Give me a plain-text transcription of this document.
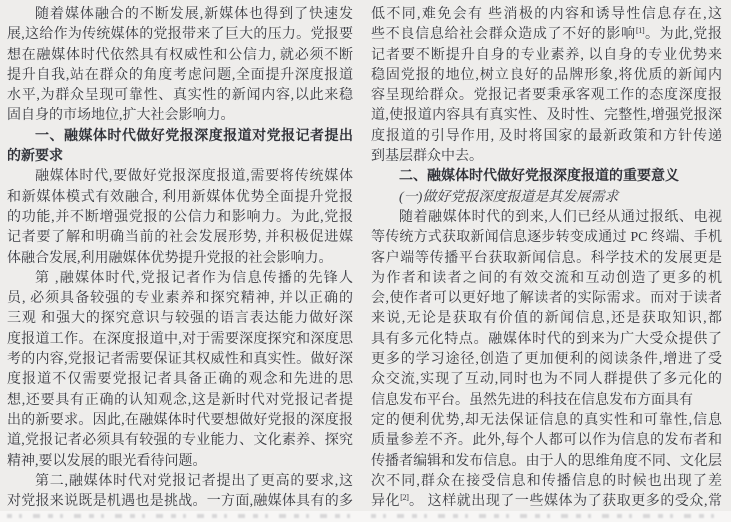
随着媒体融合的不断发展,新媒体也得到了快速发
展,这给作为传统媒体的党报带来了巨大的压力。党报要
想在融媒体时代依然具有权威性和公信力, 就必须不断
提升自我,站在群众的角度考虑问题,全面提升深度报道
水平,为群众呈现可靠性、真实性的新闻内容,以此来稳
固自身的市场地位,扩大社会影响力。
一、融媒体时代做好党报深度报道对党报记者提出
的新要求
融媒体时代,要做好党报深度报道,需要将传统媒体
和新媒体模式有效融合, 利用新媒体优势全面提升党报
的功能,并不断增强党报的公信力和影响力。为此,党报
记者要了解和明确当前的社会发展形势, 并积极促进媒
体融合发展,利用融媒体优势提升党报的社会影响力。
第 ,融媒体时代,党报记者作为信息传播的先锋人
员, 必须具备较强的专业素养和探究精神, 并以正确的
三观 和强大的探究意识与较强的语言表达能力做好深
度报道工作。在深度报道中,对于需要深度探究和深度思
考的内容,党报记者需要保证其权威性和真实性。做好深
度报道不仅需要党报记者具备正确的观念和先进的思
想,还要具有正确的认知观念,这是新时代对党报记者提
出的新要求。因此,在融媒体时代要想做好党报的深度报
道,党报记者必须具有较强的专业能力、文化素养、探究
精神,要以发展的眼光看待问题。
第二,融媒体时代对党报记者提出了更高的要求,这
对党报来说既是机遇也是挑战。一方面,融媒体具有的多
低不同,难免会有 些消极的内容和诱导性信息存在,这
些不良信息给社会群众造成了不好的影响[1]。为此,党报
记者要不断提升自身的专业素养, 以自身的专业优势来
稳固党报的地位,树立良好的品牌形象,将优质的新闻内
容呈现给群众。党报记者要秉承客观工作的态度深度报
道,使报道内容具有真实性、及时性、完整性,增强党报深
度报道的引导作用, 及时将国家的最新政策和方针传递
到基层群众中去。
二、融媒体时代做好党报深度报道的重要意义
(一)做好党报深度报道是其发展需求
随着融媒体时代的到来,人们已经从通过报纸、电视
等传统方式获取新闻信息逐步转变成通过 PC 终端、手机
客户端等传播平台获取新闻信息。科学技术的发展更是
为作者和读者之间的有效交流和互动创造了更多的机
会,使作者可以更好地了解读者的实际需求。而对于读者
来说,无论是获取有价值的新闻信息,还是获取知识,都
具有多元化特点。融媒体时代的到来为广大受众提供了
更多的学习途径,创造了更加便利的阅读条件,增进了受
众交流,实现了互动,同时也为不同人群提供了多元化的
信息发布平台。虽然先进的科技在信息发布方面具有
定的便利优势,却无法保证信息的真实性和可靠性,信息
质量参差不齐。此外,每个人都可以作为信息的发布者和
传播者编辑和发布信息。由于人的思维角度不同、文化层
次不同,群众在接受信息和传播信息的时候也出现了差
异化[2]。 这样就出现了一些媒体为了获取更多的受众,常
